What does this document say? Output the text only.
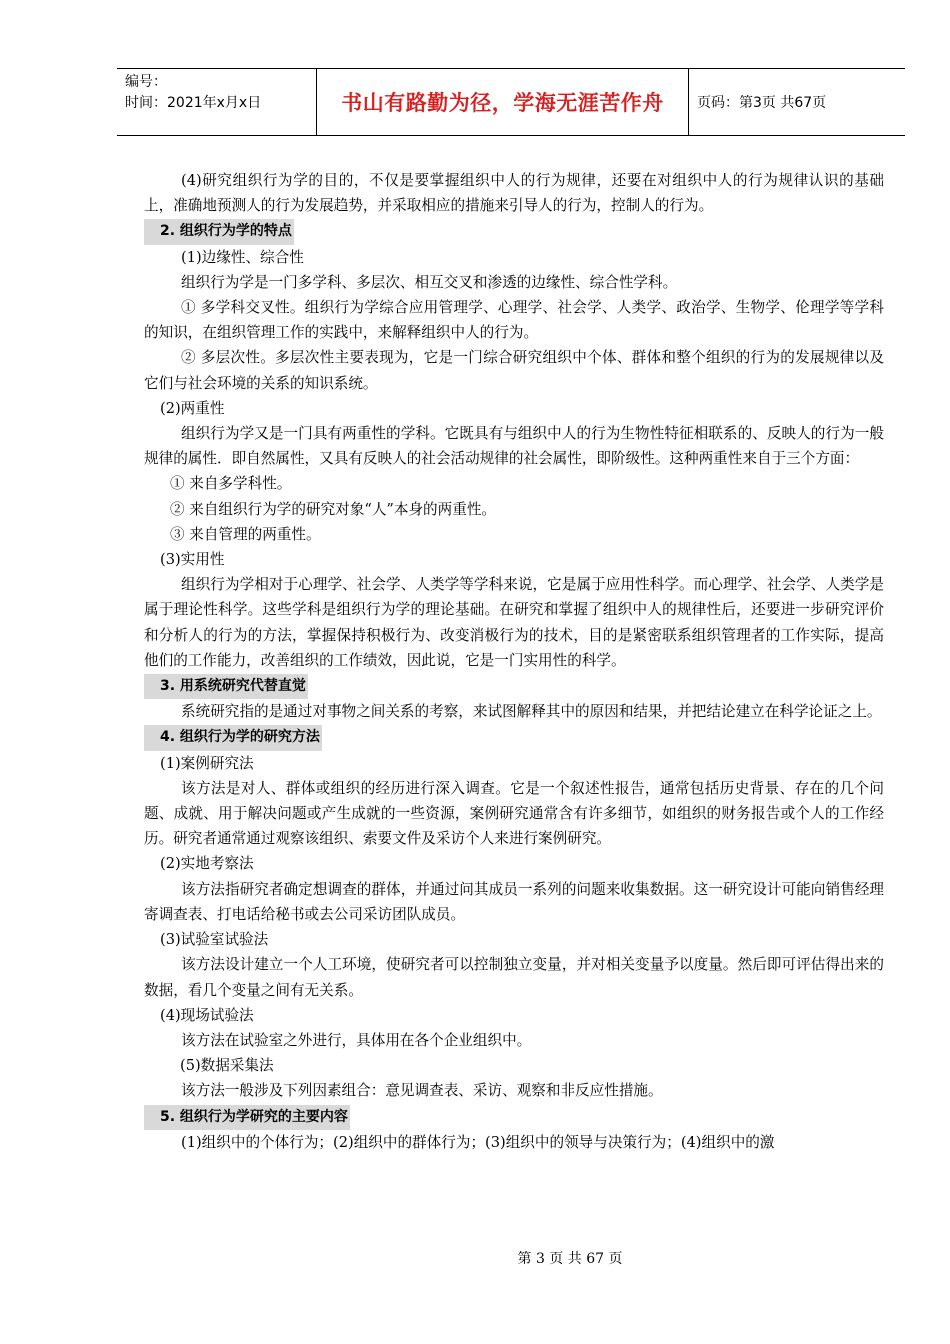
编号：
时间：2021年x月x日	书山有路勤为径，学海无涯苦作舟	页码：第3页 共67页

(4)研究组织行为学的目的，不仅是要掌握组织中人的行为规律，还要在对组织中人的行为规律认识的基础上，准确地预测人的行为发展趋势，并采取相应的措施来引导人的行为，控制人的行为。

2. 组织行为学的特点

(1)边缘性、综合性

组织行为学是一门多学科、多层次、相互交叉和渗透的边缘性、综合性学科。

① 多学科交叉性。组织行为学综合应用管理学、心理学、社会学、人类学、政治学、生物学、伦理学等学科的知识，在组织管理工作的实践中，来解释组织中人的行为。

② 多层次性。多层次性主要表现为，它是一门综合研究组织中个体、群体和整个组织的行为的发展规律以及它们与社会环境的关系的知识系统。

(2)两重性

组织行为学又是一门具有两重性的学科。它既具有与组织中人的行为生物性特征相联系的、反映人的行为一般规律的属性．即自然属性，又具有反映人的社会活动规律的社会属性，即阶级性。这种两重性来自于三个方面：

① 来自多学科性。

② 来自组织行为学的研究对象“人”本身的两重性。

③ 来自管理的两重性。

(3)实用性

组织行为学相对于心理学、社会学、人类学等学科来说，它是属于应用性科学。而心理学、社会学、人类学是属于理论性科学。这些学科是组织行为学的理论基础。在研究和掌握了组织中人的规律性后，还要进一步研究评价和分析人的行为的方法，掌握保持积极行为、改变消极行为的技术，目的是紧密联系组织管理者的工作实际，提高他们的工作能力，改善组织的工作绩效，因此说，它是一门实用性的科学。

3. 用系统研究代替直觉

系统研究指的是通过对事物之间关系的考察，来试图解释其中的原因和结果，并把结论建立在科学论证之上。

4. 组织行为学的研究方法

(1)案例研究法

该方法是对人、群体或组织的经历进行深入调查。它是一个叙述性报告，通常包括历史背景、存在的几个问题、成就、用于解决问题或产生成就的一些资源，案例研究通常含有许多细节，如组织的财务报告或个人的工作经历。研究者通常通过观察该组织、索要文件及采访个人来进行案例研究。

(2)实地考察法

该方法指研究者确定想调查的群体，并通过问其成员一系列的问题来收集数据。这一研究设计可能向销售经理寄调查表、打电话给秘书或去公司采访团队成员。

(3)试验室试验法

该方法设计建立一个人工环境，使研究者可以控制独立变量，并对相关变量予以度量。然后即可评估得出来的数据，看几个变量之间有无关系。

(4)现场试验法

该方法在试验室之外进行，具体用在各个企业组织中。

(5)数据采集法

该方法一般涉及下列因素组合：意见调查表、采访、观察和非反应性措施。

5. 组织行为学研究的主要内容

(1)组织中的个体行为；(2)组织中的群体行为；(3)组织中的领导与决策行为；(4)组织中的激

第 3 页 共 67 页
